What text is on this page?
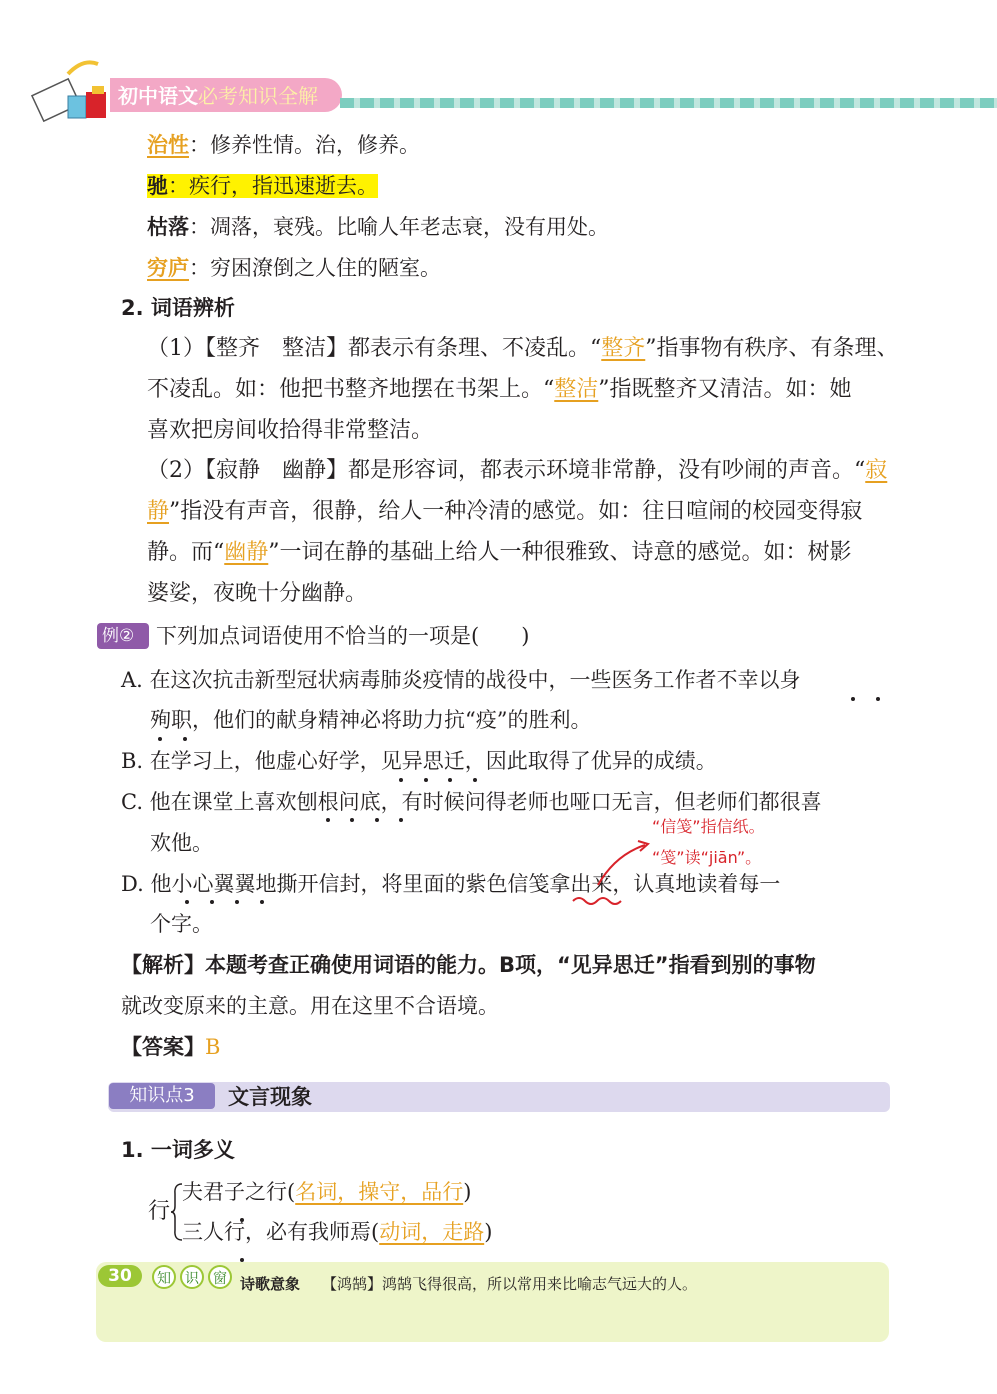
初中语文必考知识全解
治性：修养性情。治，修养。
驰：疾行，指迅速逝去。
枯落：凋落，衰残。比喻人年老志衰，没有用处。
穷庐：穷困潦倒之人住的陋室。
2. 词语辨析
（1）【整齐　整洁】都表示有条理、不凌乱。“整齐”指事物有秩序、有条理、
不凌乱。如：他把书整齐地摆在书架上。“整洁”指既整齐又清洁。如：她
喜欢把房间收拾得非常整洁。
（2）【寂静　幽静】都是形容词，都表示环境非常静，没有吵闹的声音。“寂
静”指没有声音，很静，给人一种冷清的感觉。如：往日喧闹的校园变得寂
静。而“幽静”一词在静的基础上给人一种很雅致、诗意的感觉。如：树影
婆娑，夜晚十分幽静。
例②	下列加点词语使用不恰当的一项是(　　)
A. 在这次抗击新型冠状病毒肺炎疫情的战役中，一些医务工作者不幸以身
殉职，他们的献身精神必将助力抗“疫”的胜利。
B. 在学习上，他虚心好学，见异思迁，因此取得了优异的成绩。
C. 他在课堂上喜欢刨根问底，有时候问得老师也哑口无言，但老师们都很喜
欢他。
D. 他小心翼翼地撕开信封，将里面的紫色信笺拿出来，认真地读着每一
个字。
“信笺”指信纸。
“笺”读“jiān”。
【解析】本题考查正确使用词语的能力。B项，“见异思迁”指看到别的事物
就改变原来的主意。用在这里不合语境。
【答案】B
知识点3	文言现象
1. 一词多义
行
夫君子之行(名词，操守，品行)
三人行，必有我师焉(动词，走路)
30	知	识	窗 诗歌意象 【鸿鹄】鸿鹄飞得很高，所以常用来比喻志气远大的人。
